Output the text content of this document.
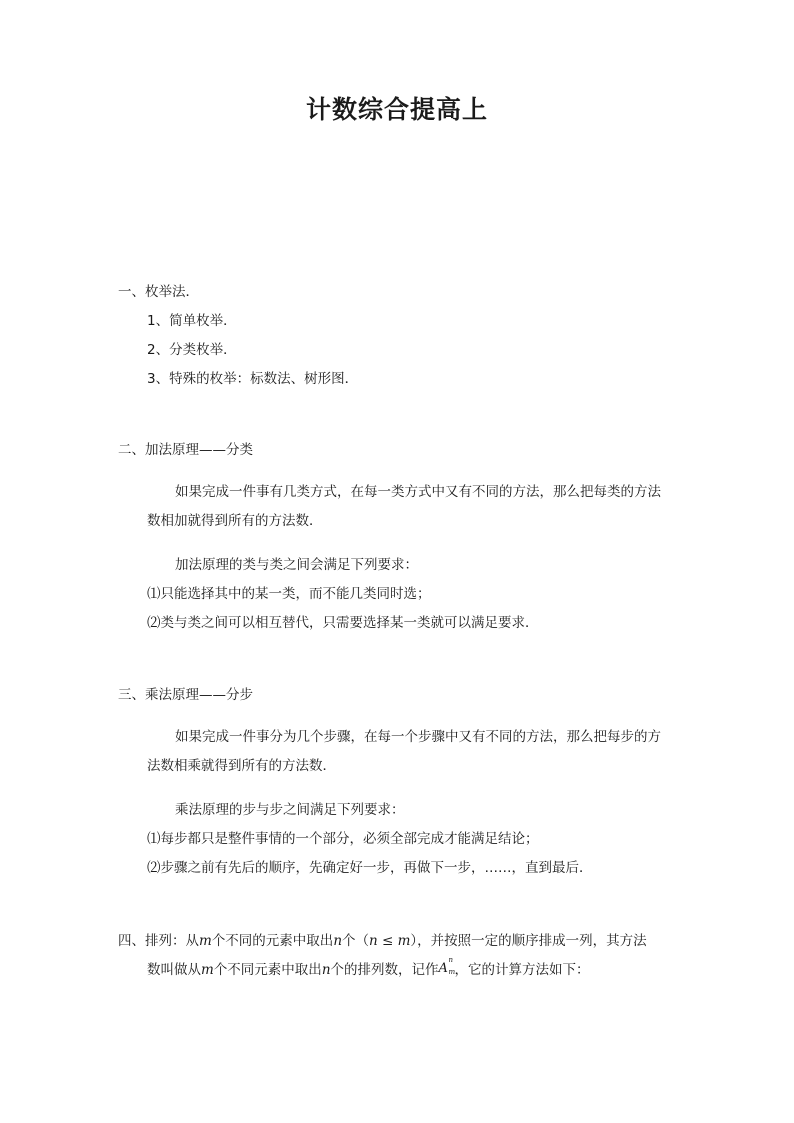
计数综合提高上
一、枚举法．
1、简单枚举．
2、分类枚举．
3、特殊的枚举：标数法、树形图．
二、加法原理——分类
如果完成一件事有几类方式，在每一类方式中又有不同的方法，那么把每类的方法
数相加就得到所有的方法数．
加法原理的类与类之间会满足下列要求：
⑴只能选择其中的某一类，而不能几类同时选；
⑵类与类之间可以相互替代，只需要选择某一类就可以满足要求．
三、乘法原理——分步
如果完成一件事分为几个步骤，在每一个步骤中又有不同的方法，那么把每步的方
法数相乘就得到所有的方法数．
乘法原理的步与步之间满足下列要求：
⑴每步都只是整件事情的一个部分，必须全部完成才能满足结论；
⑵步骤之前有先后的顺序，先确定好一步，再做下一步，……，直到最后．
四、排列：从m个不同的元素中取出n个（n ≤ m），并按照一定的顺序排成一列，其方法
数叫做从m个不同元素中取出n个的排列数，记作 A
n
m ，它的计算方法如下：
